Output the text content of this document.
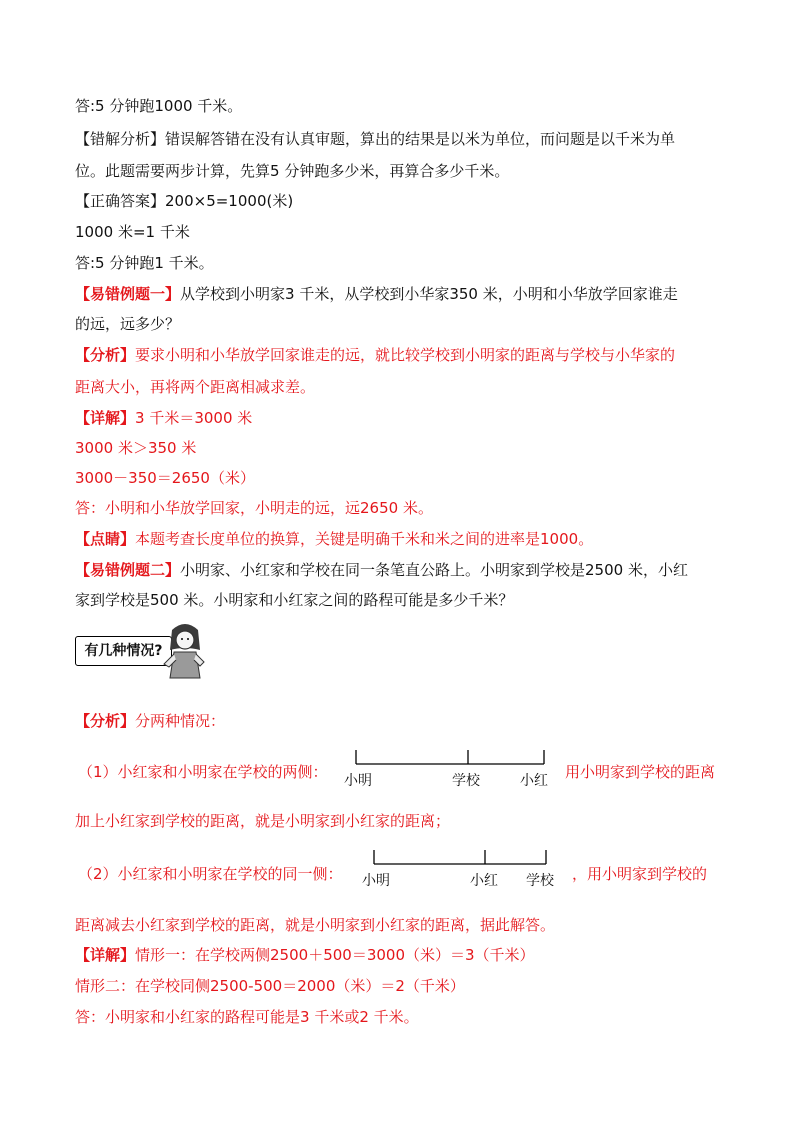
答:5 分钟跑1000 千米。
【错解分析】错误解答错在没有认真审题，算出的结果是以米为单位，而问题是以千米为单
位。此题需要两步计算，先算5 分钟跑多少米，再算合多少千米。
【正确答案】200×5=1000(米)
1000 米=1 千米
答:5 分钟跑1 千米。
【易错例题一】从学校到小明家3 千米，从学校到小华家350 米，小明和小华放学回家谁走
的远，远多少？
【分析】要求小明和小华放学回家谁走的远，就比较学校到小明家的距离与学校与小华家的
距离大小，再将两个距离相减求差。
【详解】3 千米＝3000 米
3000 米＞350 米
3000－350＝2650（米）
答：小明和小华放学回家，小明走的远，远2650 米。
【点睛】本题考查长度单位的换算，关键是明确千米和米之间的进率是1000。
【易错例题二】小明家、小红家和学校在同一条笔直公路上。小明家到学校是2500 米，小红
家到学校是500 米。小明家和小红家之间的路程可能是多少千米？
有几种情况?
【分析】分两种情况：
（1）小红家和小明家在学校的两侧： 小明	学校	小红 用小明家到学校的距离
加上小红家到学校的距离，就是小明家到小红家的距离；
（2）小红家和小明家在学校的同一侧： 小明	小红 学校 ，用小明家到学校的
距离减去小红家到学校的距离，就是小明家到小红家的距离，据此解答。
【详解】情形一：在学校两侧2500＋500＝3000（米）＝3（千米）
情形二：在学校同侧2500-500＝2000（米）＝2（千米）
答：小明家和小红家的路程可能是3 千米或2 千米。
